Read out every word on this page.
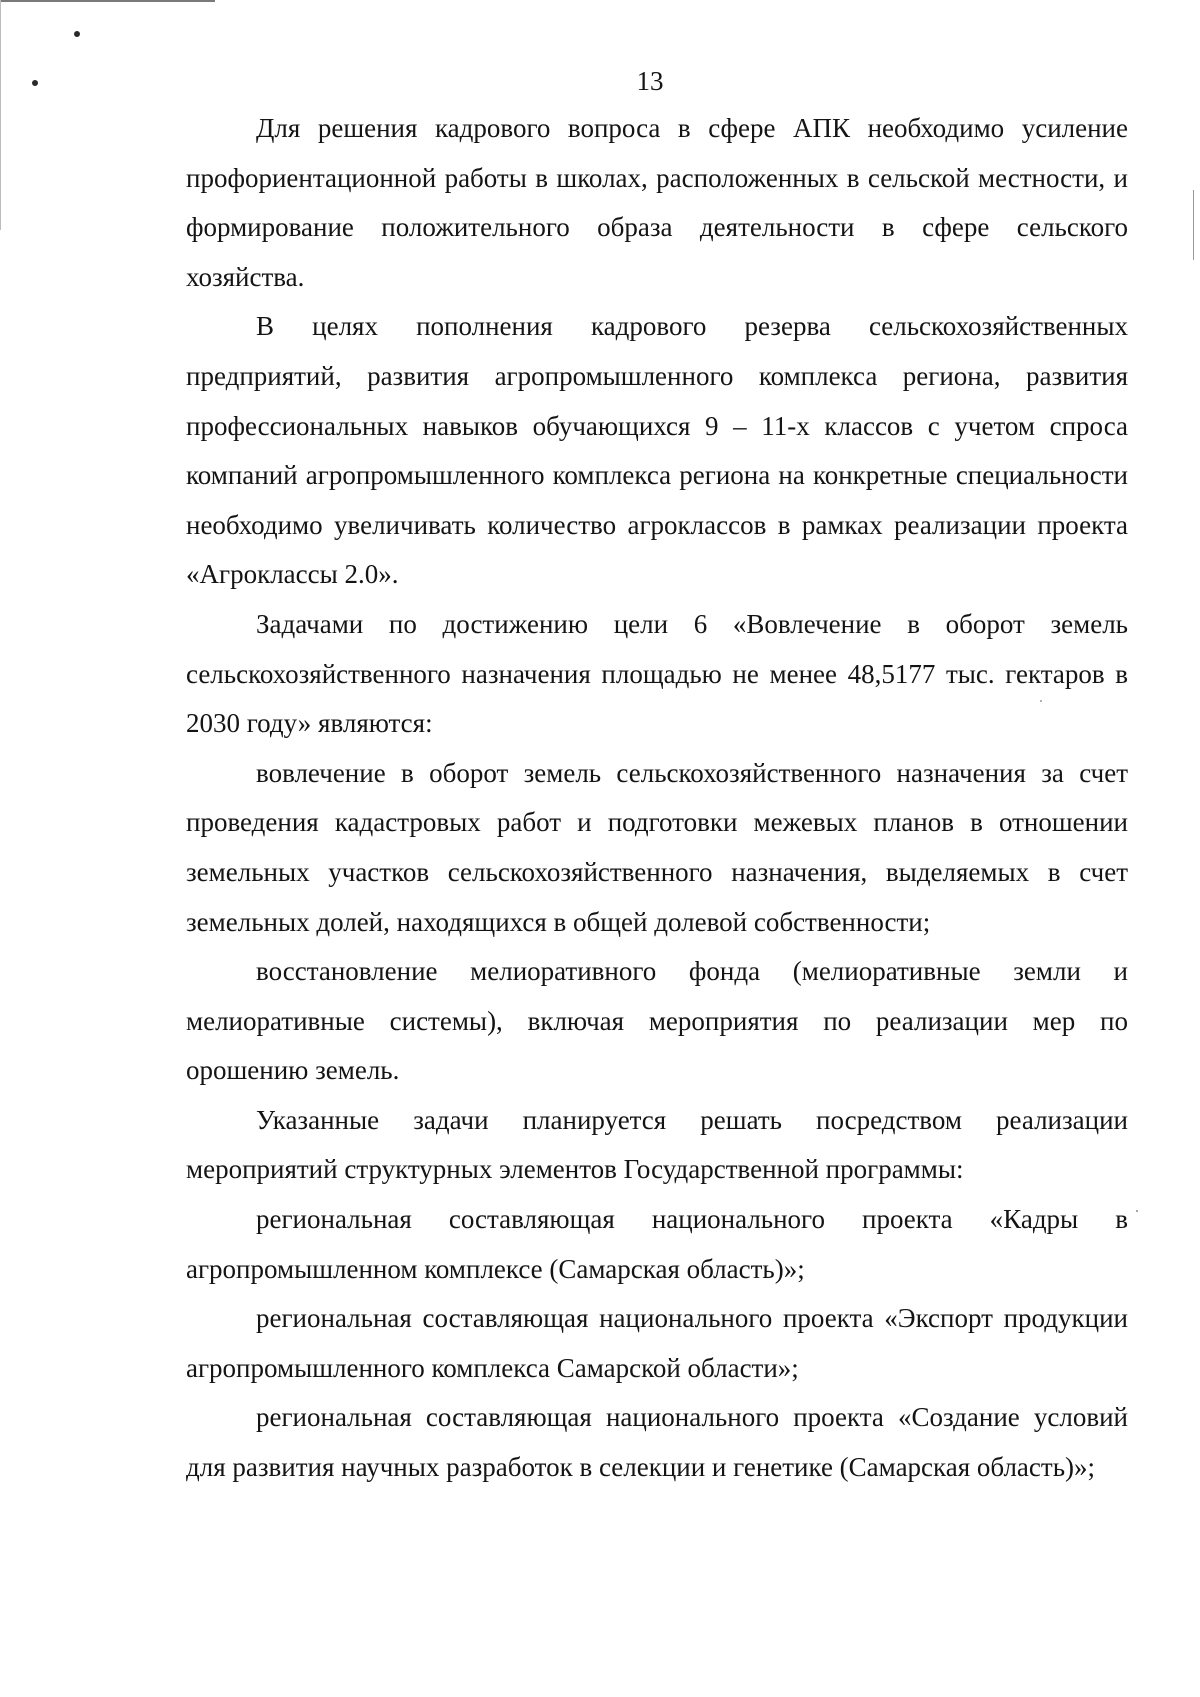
13

Для решения кадрового вопроса в сфере АПК необходимо усиление профориентационной работы в школах, расположенных в сельской местности, и формирование положительного образа деятельности в сфере сельского хозяйства.

В целях пополнения кадрового резерва сельскохозяйственных предприятий, развития агропромышленного комплекса региона, развития профессиональных навыков обучающихся 9 – 11-х классов с учетом спроса компаний агропромышленного комплекса региона на конкретные специальности необходимо увеличивать количество агроклассов в рамках реализации проекта «Агроклассы 2.0».

Задачами по достижению цели 6 «Вовлечение в оборот земель сельскохозяйственного назначения площадью не менее 48,5177 тыс. гектаров в 2030 году» являются:

вовлечение в оборот земель сельскохозяйственного назначения за счет проведения кадастровых работ и подготовки межевых планов в отношении земельных участков сельскохозяйственного назначения, выделяемых в счет земельных долей, находящихся в общей долевой собственности;

восстановление мелиоративного фонда (мелиоративные земли и мелиоративные системы), включая мероприятия по реализации мер по орошению земель.

Указанные задачи планируется решать посредством реализации мероприятий структурных элементов Государственной программы:

региональная составляющая национального проекта «Кадры в агропромышленном комплексе (Самарская область)»;

региональная составляющая национального проекта «Экспорт продукции агропромышленного комплекса Самарской области»;

региональная составляющая национального проекта «Создание условий для развития научных разработок в селекции и генетике (Самарская область)»;
